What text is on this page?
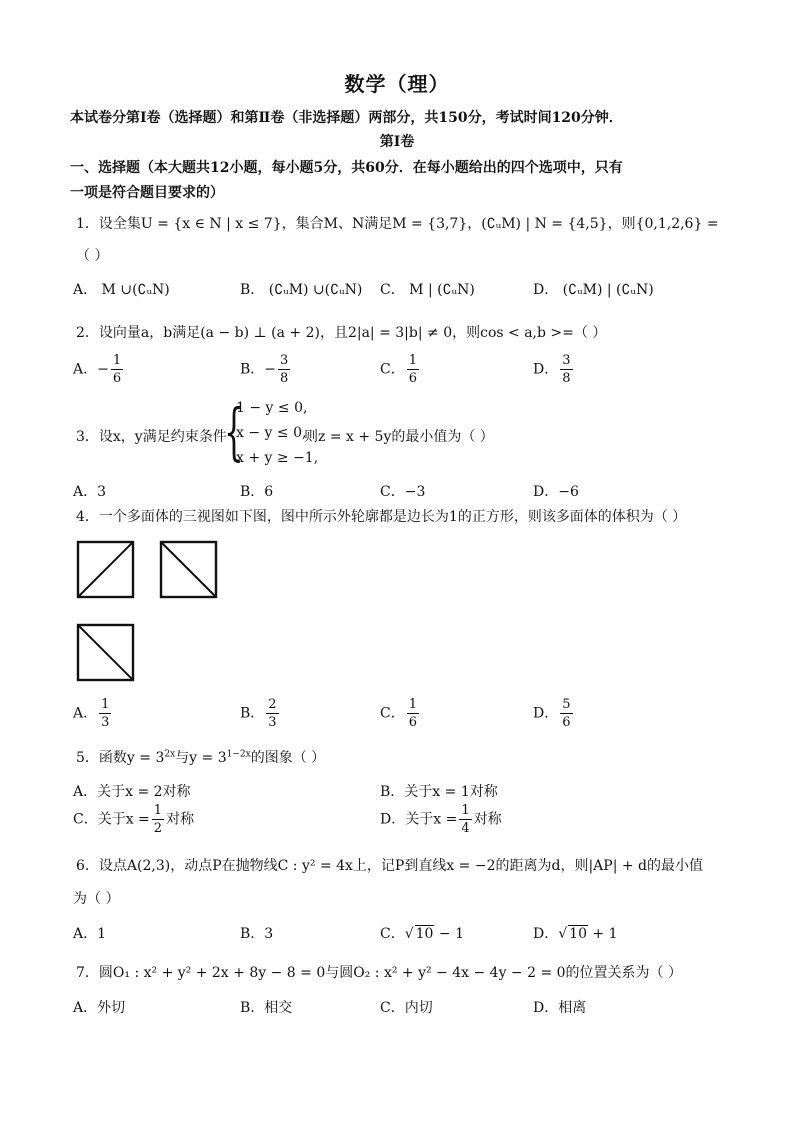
数学（理）
本试卷分第Ⅰ卷（选择题）和第Ⅱ卷（非选择题）两部分，共150分，考试时间120分钟．
第Ⅰ卷
一、选择题（本大题共12小题，每小题5分，共60分．在每小题给出的四个选项中，只有
一项是符合题目要求的）
1．设全集U = {x ∈ N | x ≤ 7}，集合M、N满足M = {3,7}，(∁ᵤM) | N = {4,5}，则{0,1,2,6} =
（ ）
A． M ∪(∁ᵤN)	B． (∁ᵤM) ∪(∁ᵤN) C． M | (∁ᵤN)	D． (∁ᵤM) | (∁ᵤN)
2．设向量a，b满足(a − b) ⊥ (a + 2)，且2|a| = 3|b| ≠ 0，则cos < a,b >=（ ）
A．− $\frac{1}{6}$	B．− $\frac{3}{8}$	C． $\frac{1}{6}$	D． $\frac{3}{8}$
3．设x，y满足约束条件
{
1 − y ≤ 0,
x − y ≤ 0,
x + y ≥ −1,
则z = x + 5y的最小值为（ ）
A．3	B．6	C．−3	D．−6
4．一个多面体的三视图如下图，图中所示外轮廓都是边长为1的正方形，则该多面体的体积为（ ）
A． $\frac{1}{3}$	B． $\frac{2}{3}$	C． $\frac{1}{6}$	D． $\frac{5}{6}$
5．函数$y = 3^{2x}$与$y = 3^{1-2x}$的图象（ ）
A．关于x = 2对称	B．关于x = 1对称
C．关于$x = \frac{1}{2}$ 对称	D．关于$x = \frac{1}{4}$ 对称
6．设点A(2,3)，动点P在抛物线C : y² = 4x上，记P到直线x = −2的距离为d，则|AP| + d的最小值
为（ ）
A．1	B．3	C．√ 10 − 1	D．√ 10 + 1
7．圆O₁ : x² + y² + 2x + 8y − 8 = 0与圆O₂ : x² + y² − 4x − 4y − 2 = 0的位置关系为（ ）
A．外切	B．相交	C．内切	D．相离
